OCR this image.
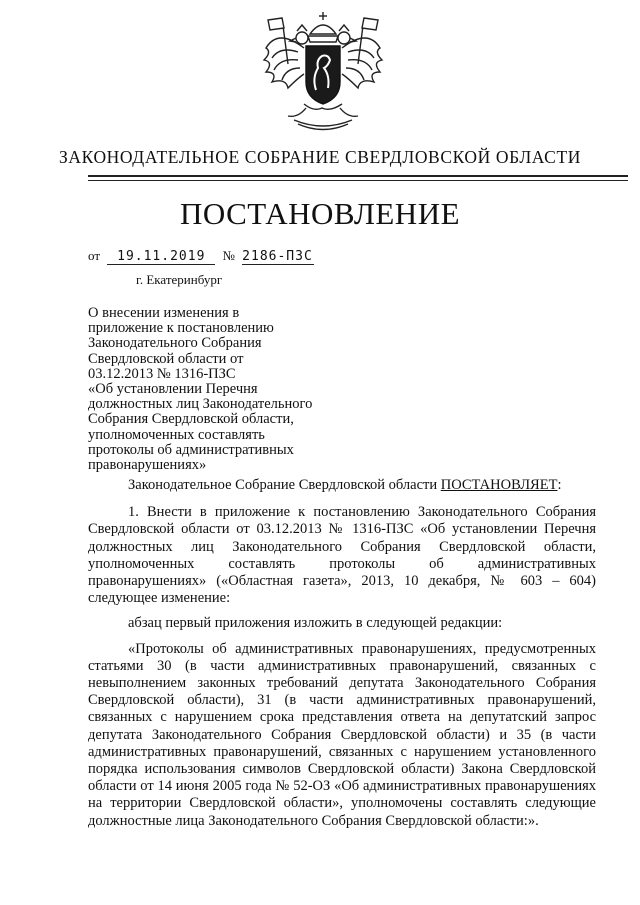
ЗАКОНОДАТЕЛЬНОЕ СОБРАНИЕ СВЕРДЛОВСКОЙ ОБЛАСТИ
ПОСТАНОВЛЕНИЕ
от 19.11.2019 № 2186-ПЗС
г. Екатеринбург
О внесении изменения в
приложение к постановлению
Законодательного Собрания
Свердловской области от
03.12.2013 № 1316-ПЗС
«Об установлении Перечня
должностных лиц Законодательного
Собрания Свердловской области,
уполномоченных составлять
протоколы об административных
правонарушениях»

Законодательное Собрание Свердловской области ПОСТАНОВЛЯЕТ:

1. Внести в приложение к постановлению Законодательного Собрания Свердловской области от 03.12.2013 № 1316-ПЗС «Об установлении Перечня должностных лиц Законодательного Собрания Свердловской области, уполномоченных составлять протоколы об административных правонарушениях» («Областная газета», 2013, 10 декабря, № 603 – 604) следующее изменение:

абзац первый приложения изложить в следующей редакции:

«Протоколы об административных правонарушениях, предусмотренных статьями 30 (в части административных правонарушений, связанных с невыполнением законных требований депутата Законодательного Собрания Свердловской области), 31 (в части административных правонарушений, связанных с нарушением срока представления ответа на депутатский запрос депутата Законодательного Собрания Свердловской области) и 35 (в части административных правонарушений, связанных с нарушением установленного порядка использования символов Свердловской области) Закона Свердловской области от 14 июня 2005 года № 52-ОЗ «Об административных правонарушениях на территории Свердловской области», уполномочены составлять следующие должностные лица Законодательного Собрания Свердловской области:».
